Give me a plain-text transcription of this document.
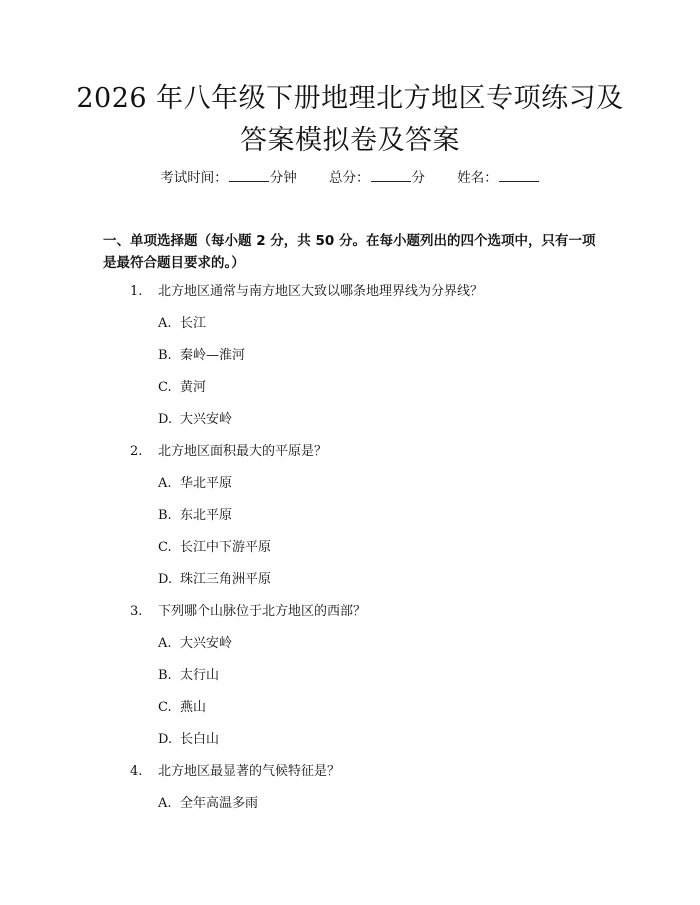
2026 年八年级下册地理北方地区专项练习及
答案模拟卷及答案
考试时间：	分钟 总分：	分 姓名：
一、单项选择题（每小题 2 分，共 50 分。在每小题列出的四个选项中，只有一项是最符合题目要求的。）
1. 北方地区通常与南方地区大致以哪条地理界线为分界线？
A. 长江
B. 秦岭—淮河
C. 黄河
D. 大兴安岭
2. 北方地区面积最大的平原是？
A. 华北平原
B. 东北平原
C. 长江中下游平原
D. 珠江三角洲平原
3. 下列哪个山脉位于北方地区的西部？
A. 大兴安岭
B. 太行山
C. 燕山
D. 长白山
4. 北方地区最显著的气候特征是？
A. 全年高温多雨
